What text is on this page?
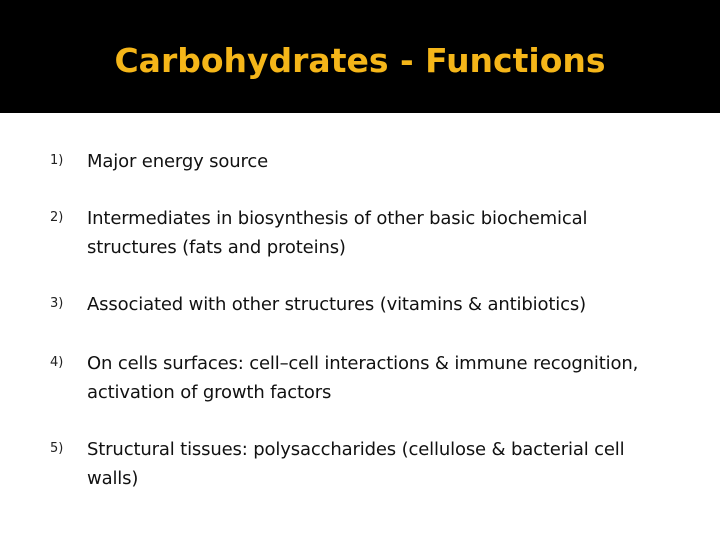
Carbohydrates - Functions
1) Major energy source
2) Intermediates in biosynthesis of other basic biochemical structures (fats and proteins)
3) Associated with other structures (vitamins & antibiotics)
4) On cells surfaces: cell–cell interactions & immune recognition, activation of growth factors
5) Structural tissues: polysaccharides (cellulose & bacterial cell walls)
